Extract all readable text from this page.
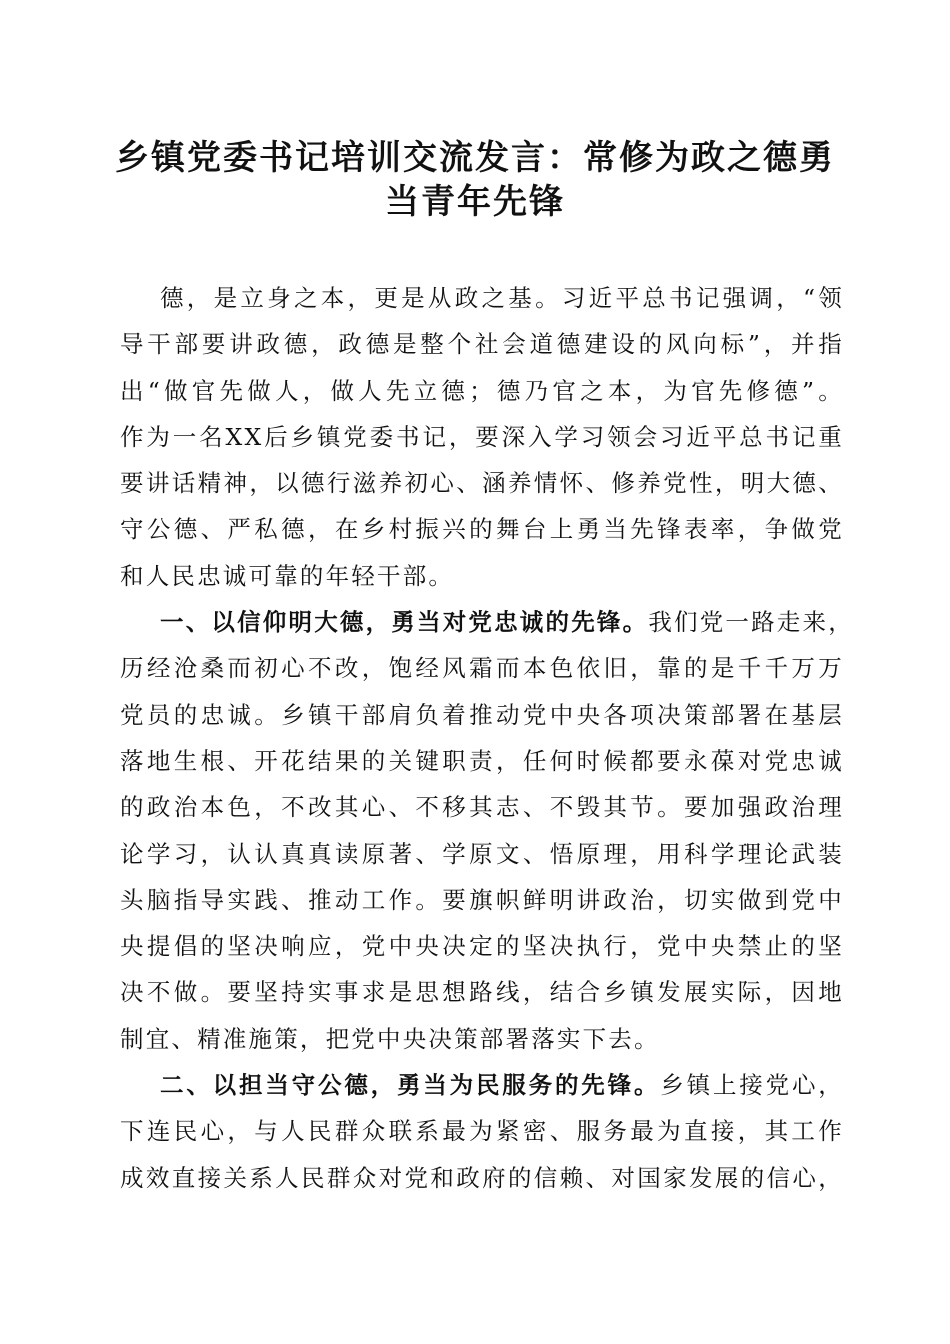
乡镇党委书记培训交流发言：常修为政之德勇
当青年先锋
德，是立身之本，更是从政之基。习近平总书记强调，“领
导干部要讲政德，政德是整个社会道德建设的风向标”，并指
出“做官先做人，做人先立德；德乃官之本，为官先修德”。
作为一名XX后乡镇党委书记，要深入学习领会习近平总书记重
要讲话精神，以德行滋养初心、涵养情怀、修养党性，明大德、
守公德、严私德，在乡村振兴的舞台上勇当先锋表率，争做党
和人民忠诚可靠的年轻干部。
一、以信仰明大德，勇当对党忠诚的先锋。我们党一路走来，
历经沧桑而初心不改，饱经风霜而本色依旧，靠的是千千万万
党员的忠诚。乡镇干部肩负着推动党中央各项决策部署在基层
落地生根、开花结果的关键职责，任何时候都要永葆对党忠诚
的政治本色，不改其心、不移其志、不毁其节。要加强政治理
论学习，认认真真读原著、学原文、悟原理，用科学理论武装
头脑指导实践、推动工作。要旗帜鲜明讲政治，切实做到党中
央提倡的坚决响应，党中央决定的坚决执行，党中央禁止的坚
决不做。要坚持实事求是思想路线，结合乡镇发展实际，因地
制宜、精准施策，把党中央决策部署落实下去。
二、以担当守公德，勇当为民服务的先锋。乡镇上接党心，
下连民心，与人民群众联系最为紧密、服务最为直接，其工作
成效直接关系人民群众对党和政府的信赖、对国家发展的信心，
